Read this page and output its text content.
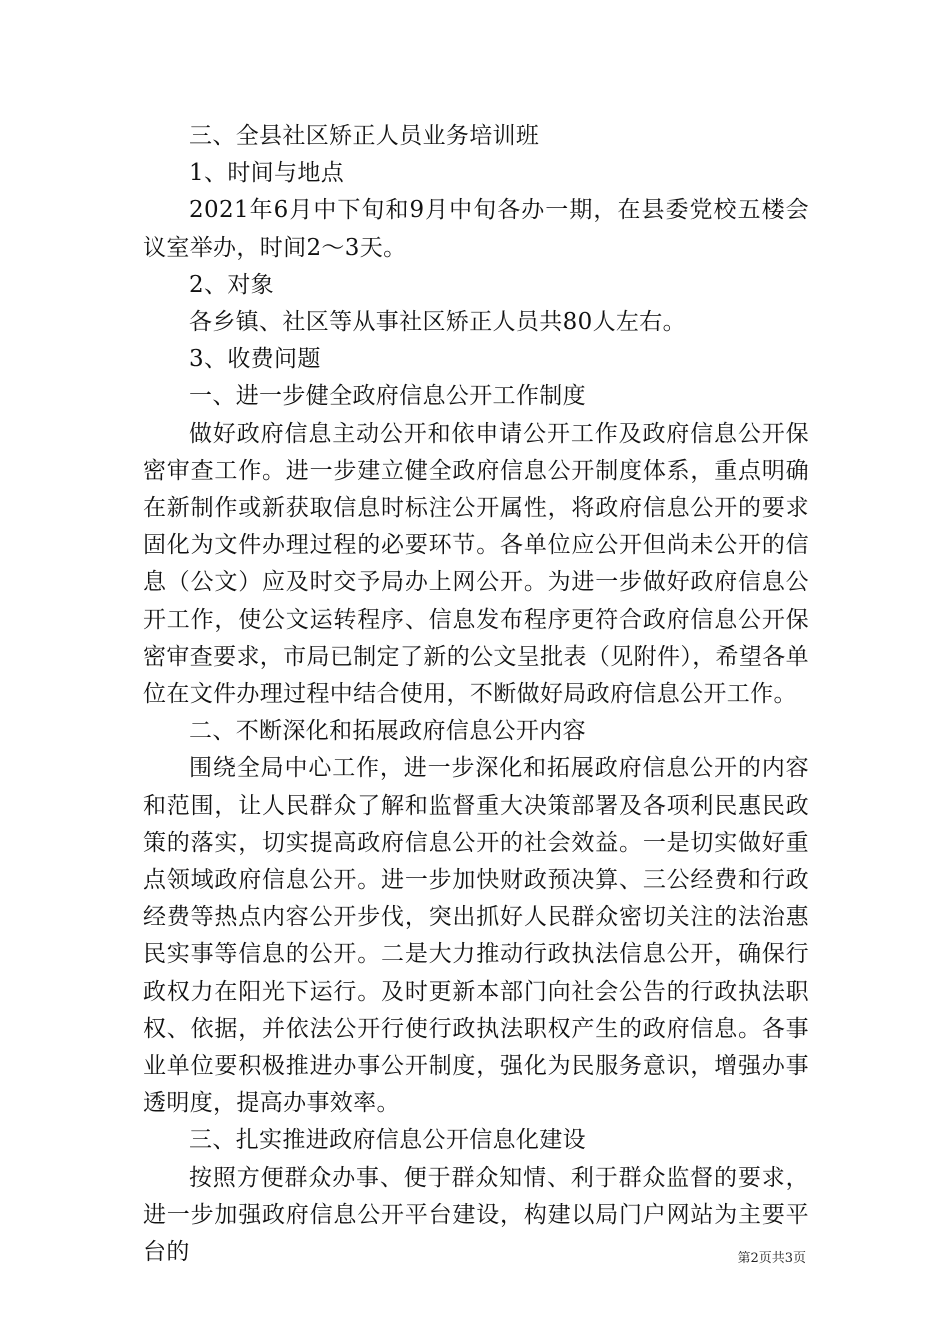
三、全县社区矫正人员业务培训班

1、时间与地点

2021年6月中下旬和9月中旬各办一期，在县委党校五楼会议室举办，时间2～3天。

2、对象

各乡镇、社区等从事社区矫正人员共80人左右。

3、收费问题

一、进一步健全政府信息公开工作制度

做好政府信息主动公开和依申请公开工作及政府信息公开保密审查工作。进一步建立健全政府信息公开制度体系，重点明确在新制作或新获取信息时标注公开属性，将政府信息公开的要求固化为文件办理过程的必要环节。各单位应公开但尚未公开的信息（公文）应及时交予局办上网公开。为进一步做好政府信息公开工作，使公文运转程序、信息发布程序更符合政府信息公开保密审查要求，市局已制定了新的公文呈批表（见附件），希望各单位在文件办理过程中结合使用，不断做好局政府信息公开工作。

二、不断深化和拓展政府信息公开内容

围绕全局中心工作，进一步深化和拓展政府信息公开的内容和范围，让人民群众了解和监督重大决策部署及各项利民惠民政策的落实，切实提高政府信息公开的社会效益。一是切实做好重点领域政府信息公开。进一步加快财政预决算、三公经费和行政经费等热点内容公开步伐，突出抓好人民群众密切关注的法治惠民实事等信息的公开。二是大力推动行政执法信息公开，确保行政权力在阳光下运行。及时更新本部门向社会公告的行政执法职权、依据，并依法公开行使行政执法职权产生的政府信息。各事业单位要积极推进办事公开制度，强化为民服务意识，增强办事透明度，提高办事效率。

三、扎实推进政府信息公开信息化建设

按照方便群众办事、便于群众知情、利于群众监督的要求，进一步加强政府信息公开平台建设，构建以局门户网站为主要平台的	第2页共3页
